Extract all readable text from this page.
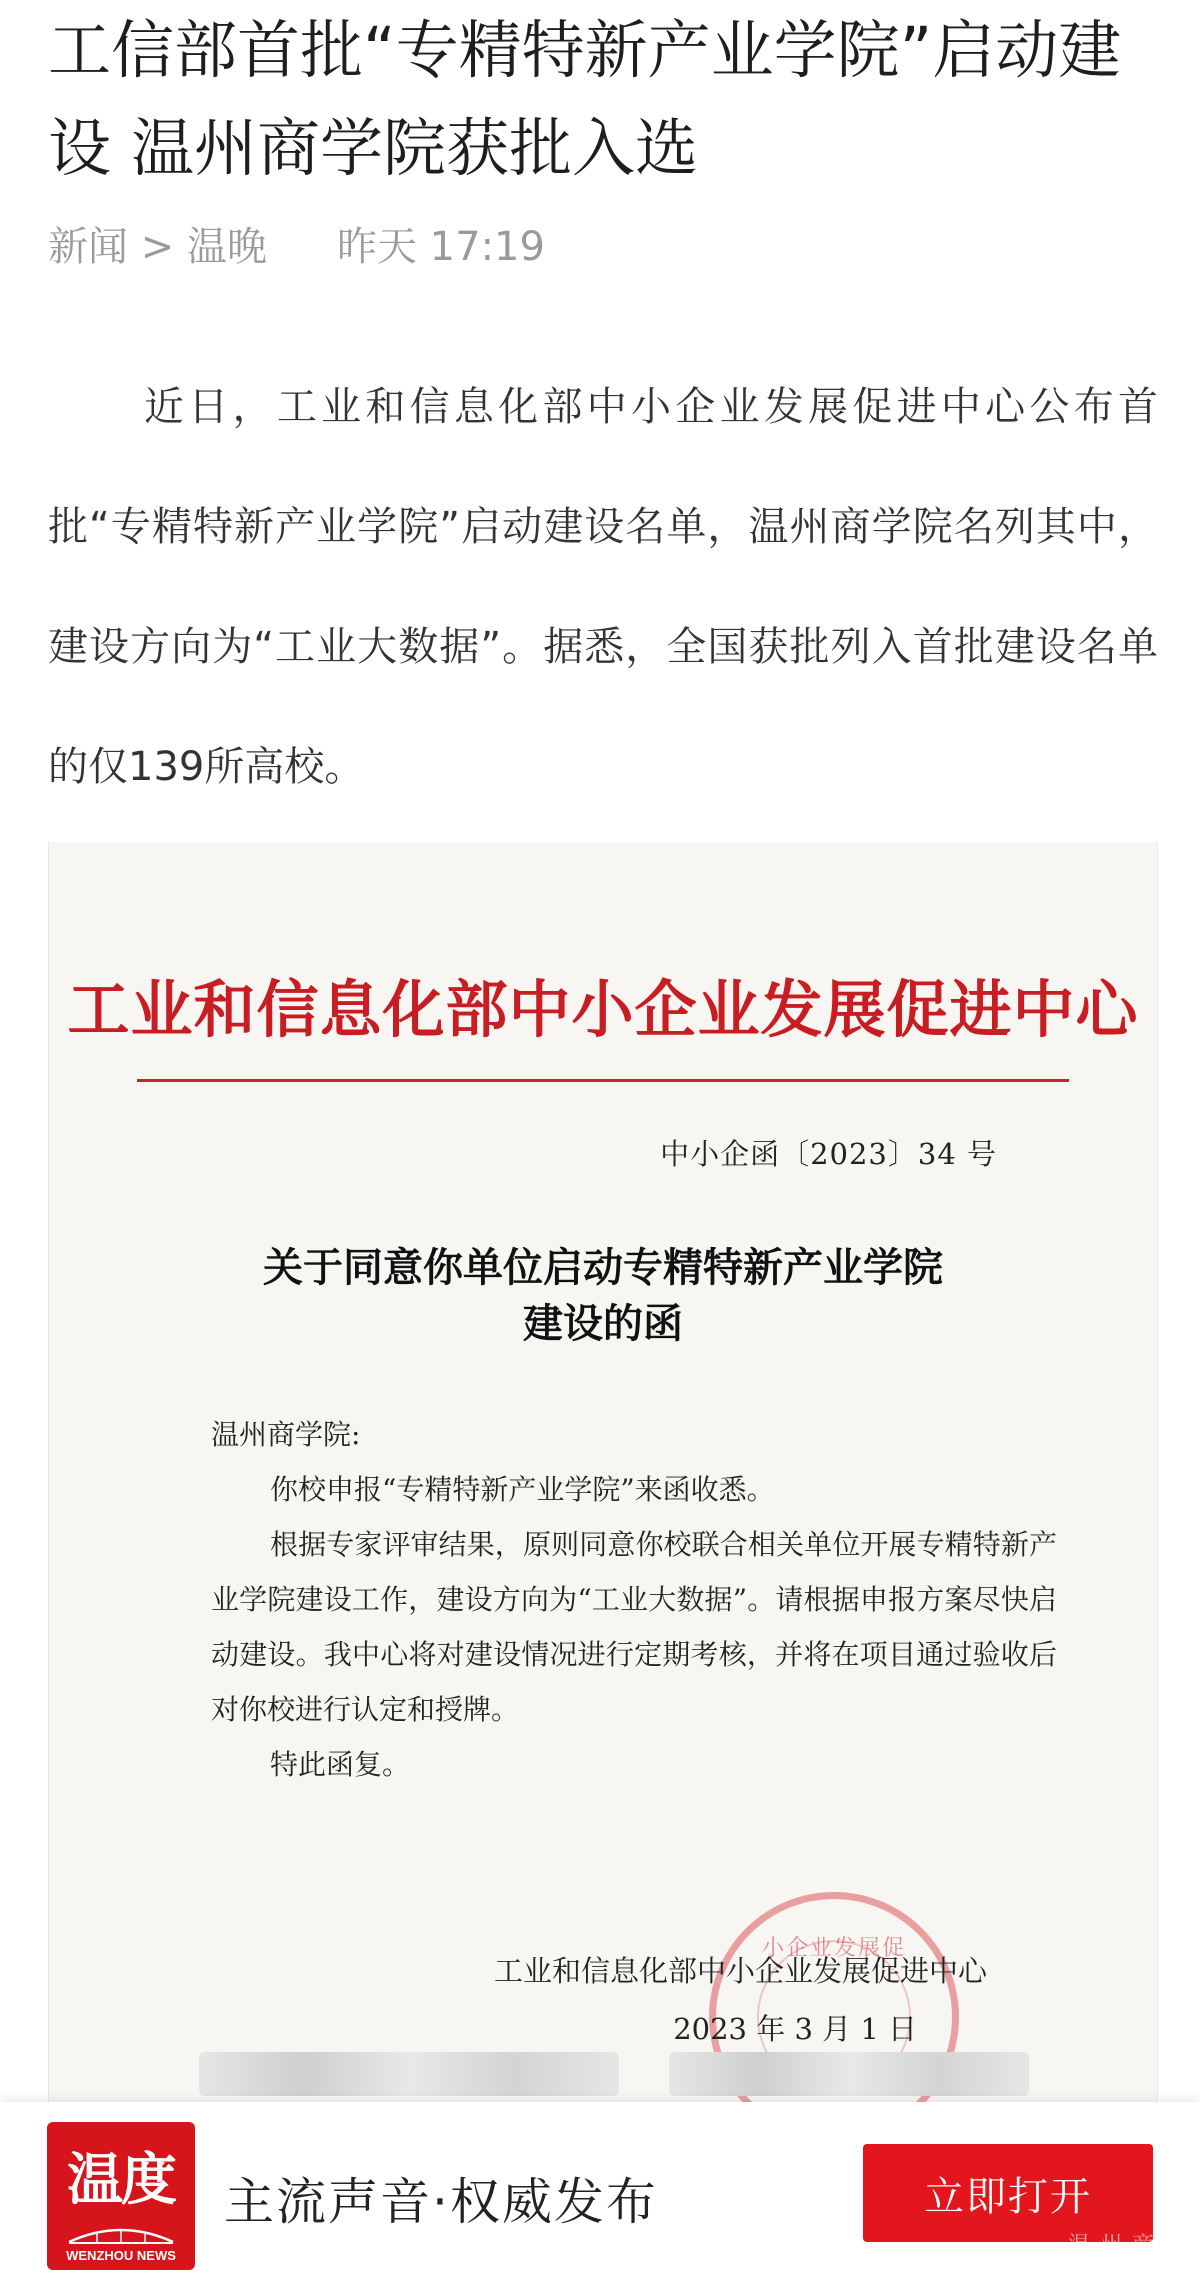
工信部首批“专精特新产业学院”启动建设 温州商学院获批入选
新闻 > 温晚 昨天 17:19

近日，工业和信息化部中小企业发展促进中心公布首批“专精特新产业学院”启动建设名单，温州商学院名列其中，建设方向为“工业大数据”。据悉，全国获批列入首批建设名单的仅139所高校。

工业和信息化部中小企业发展促进中心
中小企函〔2023〕34 号
关于同意你单位启动专精特新产业学院
建设的函

温州商学院:

你校申报“专精特新产业学院”来函收悉。

根据专家评审结果，原则同意你校联合相关单位开展专精特新产业学院建设工作，建设方向为“工业大数据”。请根据申报方案尽快启动建设。我中心将对建设情况进行定期考核，并将在项目通过验收后对你校进行认定和授牌。

特此函复。

小企业发展促
工业和信息化部中小企业发展促进中心
2023 年 3 月 1 日
温度
WENZHOU NEWS
主流声音·权威发布	立即打开
温州商学
